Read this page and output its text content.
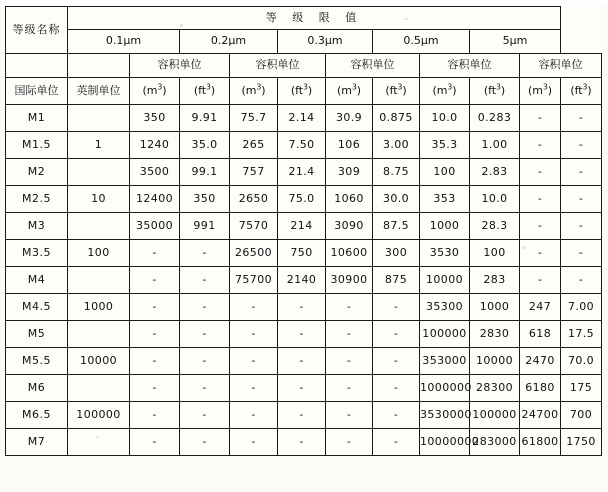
等级名称	等 级 限 值										
	0.1μm		0.2μm		0.3μm		0.5μm		5μm		
		容积单位		容积单位		容积单位		容积单位		容积单位	
国际单位	英制单位	$(m^3)$	$(ft^3)$	$(m^3)$	$(ft^3)$	$(m^3)$	$(ft^3)$	$(m^3)$	$(ft^3)$	$(m^3)$	$(ft^3)$
M1		350	9.91	75.7	2.14	30.9	0.875	10.0	0.283	-	-
M1.5	1	1240	35.0	265	7.50	106	3.00	35.3	1.00	-	-
M2		3500	99.1	757	21.4	309	8.75	100	2.83	-	-
M2.5	10	12400	350	2650	75.0	1060	30.0	353	10.0	-	-
M3		35000	991	7570	214	3090	87.5	1000	28.3	-	-
M3.5	100	-	-	26500	750	10600	300	3530	100	-	-
M4		-	-	75700	2140	30900	875	10000	283	-	-
M4.5	1000	-	-	-	-	-	-	35300	1000	247	7.00
M5		-	-	-	-	-	-	100000	2830	618	17.5
M5.5	10000	-	-	-	-	-	-	353000	10000	2470	70.0
M6		-	-	-	-	-	-	1000000	28300	6180	175
M6.5	100000	-	-	-	-	-	-	3530000	100000	24700	700
M7		-	-	-	-	-	-	10000000	283000	61800	1750
